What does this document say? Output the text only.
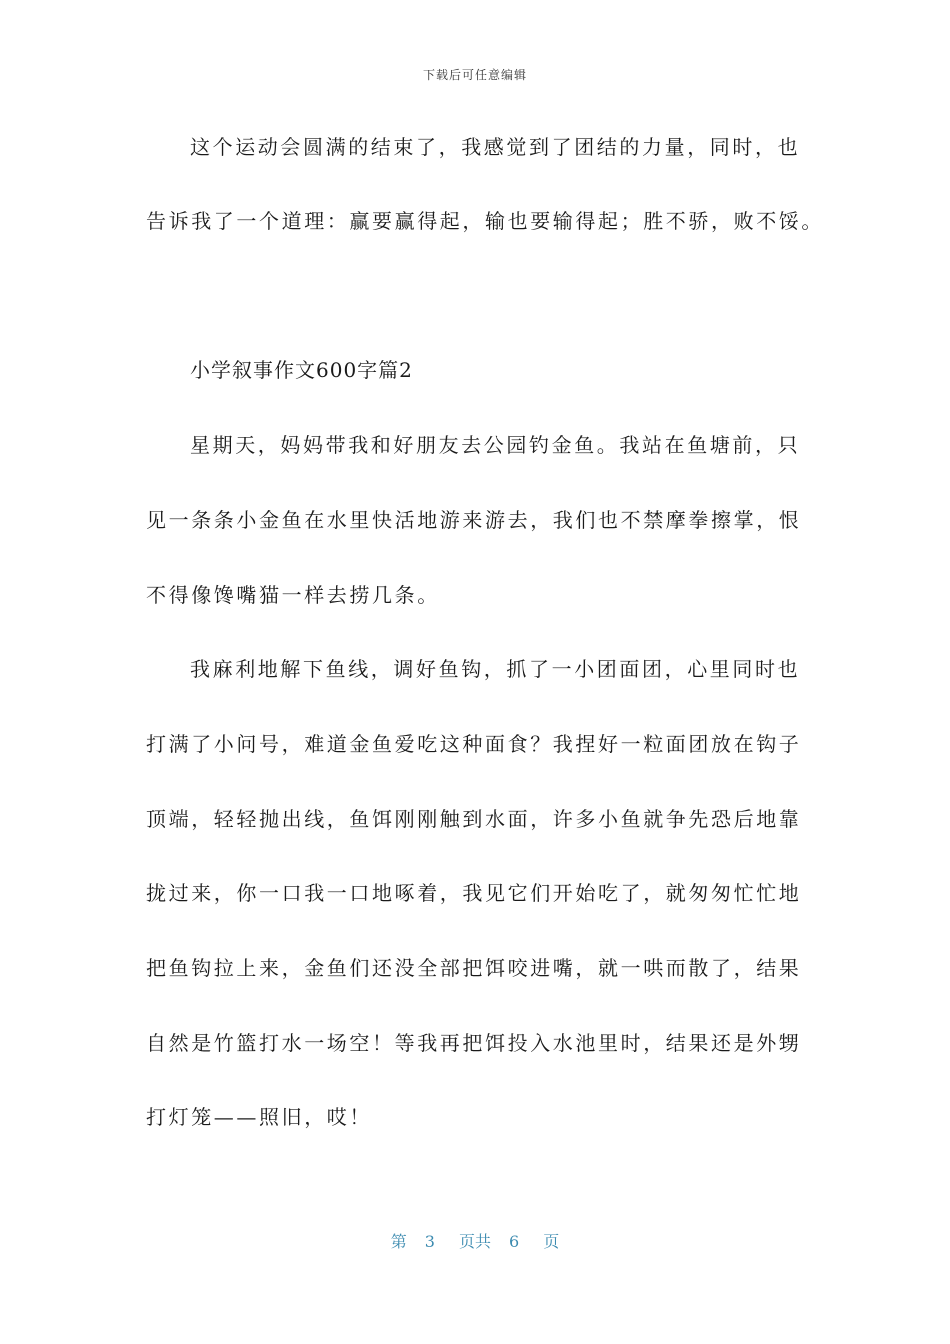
下载后可任意编辑
这个运动会圆满的结束了，我感觉到了团结的力量，同时，也
告诉我了一个道理：赢要赢得起，输也要输得起；胜不骄，败不馁。
小学叙事作文600字篇2
星期天，妈妈带我和好朋友去公园钓金鱼。我站在鱼塘前，只
见一条条小金鱼在水里快活地游来游去，我们也不禁摩拳擦掌，恨
不得像馋嘴猫一样去捞几条。
我麻利地解下鱼线，调好鱼钩，抓了一小团面团，心里同时也
打满了小问号，难道金鱼爱吃这种面食？我捏好一粒面团放在钩子
顶端，轻轻抛出线，鱼饵刚刚触到水面，许多小鱼就争先恐后地靠
拢过来，你一口我一口地啄着，我见它们开始吃了，就匆匆忙忙地
把鱼钩拉上来，金鱼们还没全部把饵咬进嘴，就一哄而散了，结果
自然是竹篮打水一场空！等我再把饵投入水池里时，结果还是外甥
打灯笼——照旧，哎！
第 3 页共 6 页
